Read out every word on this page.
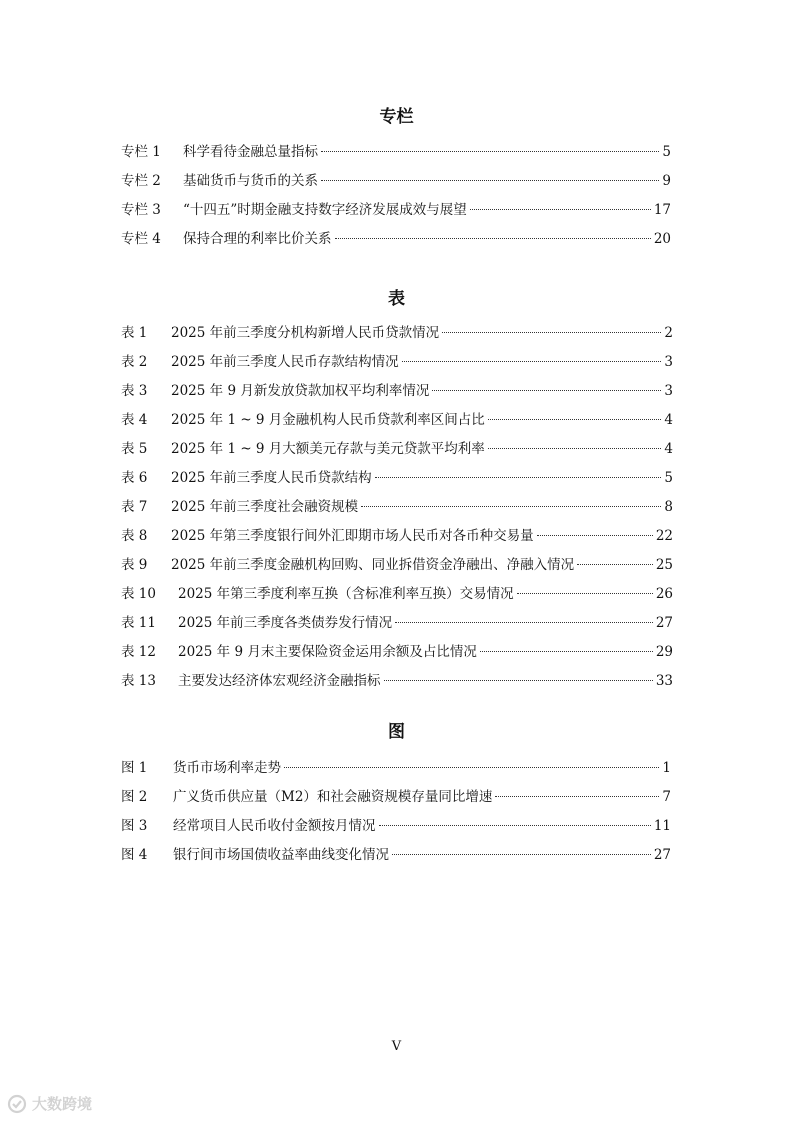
专栏
专栏 1	科学看待金融总量指标	5
专栏 2	基础货币与货币的关系	9
专栏 3	“十四五”时期金融支持数字经济发展成效与展望	17
专栏 4	保持合理的利率比价关系	20
表
表 1	2025 年前三季度分机构新增人民币贷款情况	2
表 2	2025 年前三季度人民币存款结构情况	3
表 3	2025 年 9 月新发放贷款加权平均利率情况	3
表 4	2025 年 1 ~ 9 月金融机构人民币贷款利率区间占比	4
表 5	2025 年 1 ~ 9 月大额美元存款与美元贷款平均利率	4
表 6	2025 年前三季度人民币贷款结构	5
表 7	2025 年前三季度社会融资规模	8
表 8	2025 年第三季度银行间外汇即期市场人民币对各币种交易量	22
表 9	2025 年前三季度金融机构回购、同业拆借资金净融出、净融入情况	25
表 10	2025 年第三季度利率互换（含标准利率互换）交易情况	26
表 11	2025 年前三季度各类债券发行情况	27
表 12	2025 年 9 月末主要保险资金运用余额及占比情况	29
表 13	主要发达经济体宏观经济金融指标	33
图
图 1	货币市场利率走势	1
图 2	广义货币供应量（M2）和社会融资规模存量同比增速	7
图 3	经常项目人民币收付金额按月情况	11
图 4	银行间市场国债收益率曲线变化情况	27
V
大数跨境
